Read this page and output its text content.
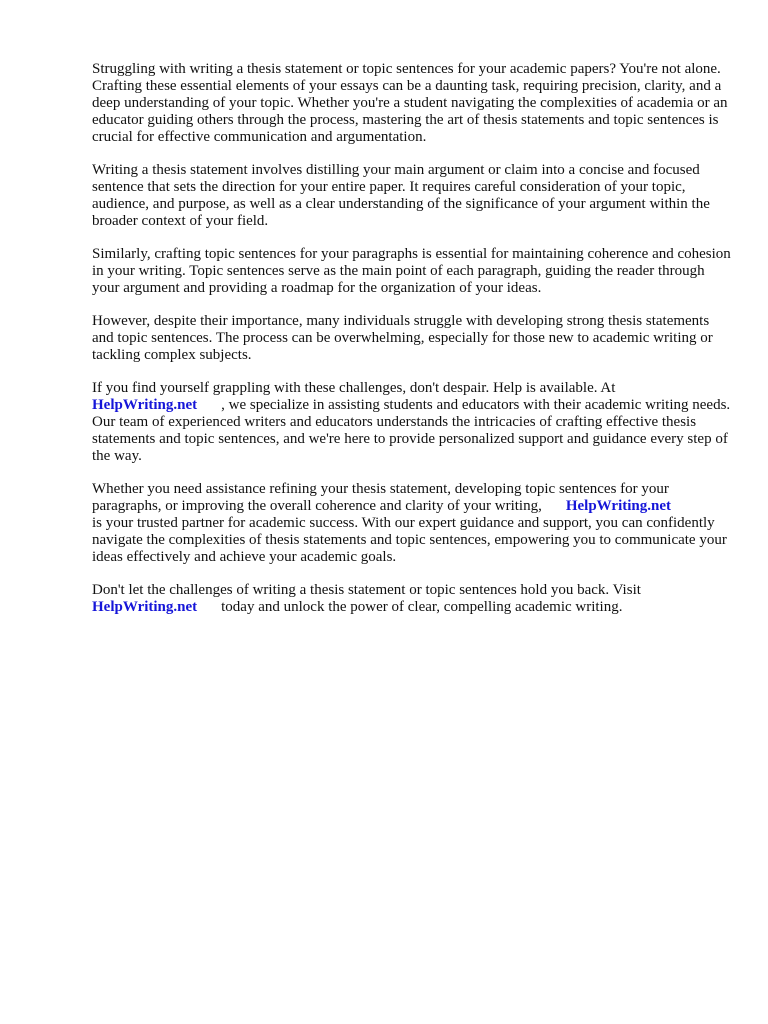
Struggling with writing a thesis statement or topic sentences for your academic papers? You're not alone. Crafting these essential elements of your essays can be a daunting task, requiring precision, clarity, and a deep understanding of your topic. Whether you're a student navigating the complexities of academia or an educator guiding others through the process, mastering the art of thesis statements and topic sentences is crucial for effective communication and argumentation.

Writing a thesis statement involves distilling your main argument or claim into a concise and focused sentence that sets the direction for your entire paper. It requires careful consideration of your topic, audience, and purpose, as well as a clear understanding of the significance of your argument within the broader context of your field.

Similarly, crafting topic sentences for your paragraphs is essential for maintaining coherence and cohesion in your writing. Topic sentences serve as the main point of each paragraph, guiding the reader through your argument and providing a roadmap for the organization of your ideas.

However, despite their importance, many individuals struggle with developing strong thesis statements and topic sentences. The process can be overwhelming, especially for those new to academic writing or tackling complex subjects.

If you find yourself grappling with these challenges, don't despair. Help is available. At
HelpWriting.net , we specialize in assisting students and educators with their academic writing needs. Our team of experienced writers and educators understands the intricacies of crafting effective thesis statements and topic sentences, and we're here to provide personalized support and guidance every step of the way.

Whether you need assistance refining your thesis statement, developing topic sentences for your paragraphs, or improving the overall coherence and clarity of your writing, HelpWriting.net
is your trusted partner for academic success. With our expert guidance and support, you can confidently navigate the complexities of thesis statements and topic sentences, empowering you to communicate your ideas effectively and achieve your academic goals.

Don't let the challenges of writing a thesis statement or topic sentences hold you back. Visit
HelpWriting.net today and unlock the power of clear, compelling academic writing.
